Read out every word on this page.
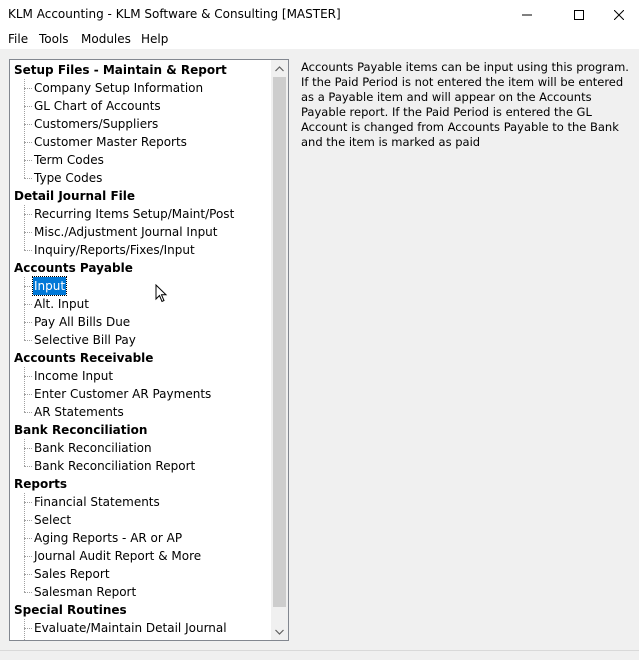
KLM Accounting - KLM Software & Consulting [MASTER]
File Tools Modules Help
Setup Files - Maintain & Report
Company Setup Information
GL Chart of Accounts
Customers/Suppliers
Customer Master Reports
Term Codes
Type Codes
Detail Journal File
Recurring Items Setup/Maint/Post
Misc./Adjustment Journal Input
Inquiry/Reports/Fixes/Input
Accounts Payable
Input
Alt. Input
Pay All Bills Due
Selective Bill Pay
Accounts Receivable
Income Input
Enter Customer AR Payments
AR Statements
Bank Reconciliation
Bank Reconciliation
Bank Reconciliation Report
Reports
Financial Statements
Select
Aging Reports - AR or AP
Journal Audit Report & More
Sales Report
Salesman Report
Special Routines
Evaluate/Maintain Detail Journal
Accounts Payable items can be input using this program. If the Paid Period is not entered the item will be entered as a Payable item and will appear on the Accounts Payable report. If the Paid Period is entered the GL Account is changed from Accounts Payable to the Bank and the item is marked as paid
